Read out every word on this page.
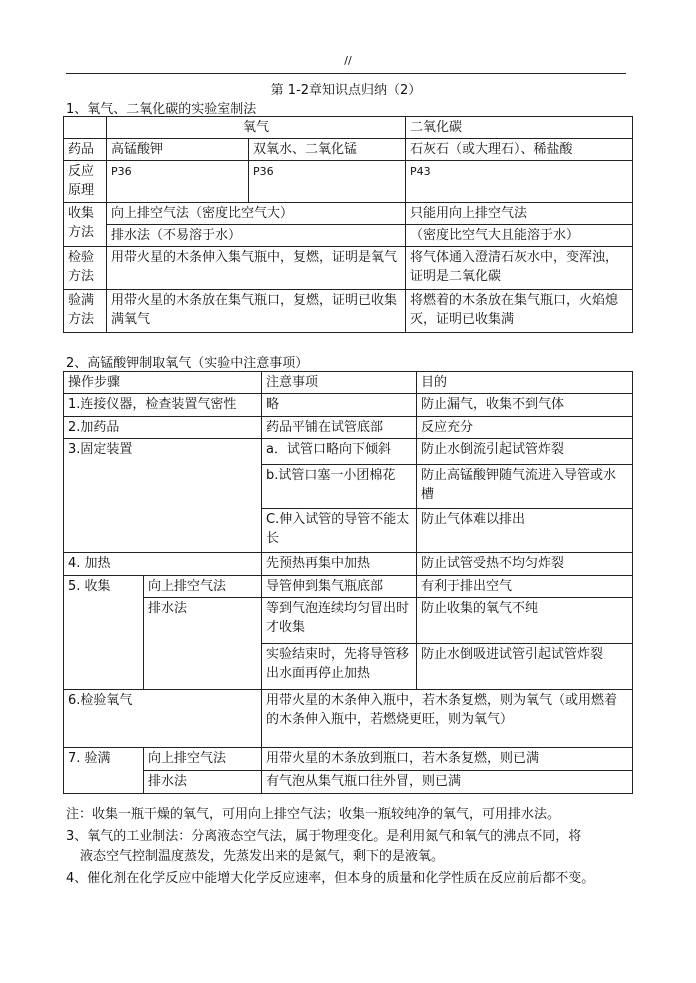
//
第 1-2章知识点归纳（2）
1、氧气、二氧化碳的实验室制法
	氧气		二氧化碳
药品	高锰酸钾	双氧水、二氧化锰	石灰石（或大理石）、稀盐酸
反应原理	P36	P36	P43
收集方法	向上排空气法（密度比空气大）		只能用向上排空气法
	排水法（不易溶于水）		（密度比空气大且能溶于水）
检验方法	用带火星的木条伸入集气瓶中，复燃，证明是氧气		将气体通入澄清石灰水中，变浑浊，证明是二氧化碳
验满方法	用带火星的木条放在集气瓶口，复燃，证明已收集满氧气		将燃着的木条放在集气瓶口，火焰熄灭，证明已收集满
2、高锰酸钾制取氧气（实验中注意事项）
操作步骤		注意事项	目的
1.连接仪器，检查装置气密性		略	防止漏气，收集不到气体
2.加药品		药品平铺在试管底部	反应充分
3.固定装置		a．试管口略向下倾斜	防止水倒流引起试管炸裂
		b.试管口塞一小团棉花	防止高锰酸钾随气流进入导管或水槽
		C.伸入试管的导管不能太长	防止气体难以排出
4. 加热		先预热再集中加热	防止试管受热不均匀炸裂
5. 收集	向上排空气法	导管伸到集气瓶底部	有利于排出空气
	排水法	等到气泡连续均匀冒出时才收集	防止收集的氧气不纯
		实验结束时，先将导管移出水面再停止加热	防止水倒吸进试管引起试管炸裂
6.检验氧气		用带火星的木条伸入瓶中，若木条复燃，则为氧气（或用燃着的木条伸入瓶中，若燃烧更旺，则为氧气）	
7. 验满	向上排空气法	用带火星的木条放到瓶口，若木条复燃，则已满	
	排水法	有气泡从集气瓶口往外冒，则已满	
注：收集一瓶干燥的氧气，可用向上排空气法；收集一瓶较纯净的氧气，可用排水法。
3、氧气的工业制法：分离液态空气法，属于物理变化。是利用氮气和氧气的沸点不同，将
液态空气控制温度蒸发，先蒸发出来的是氮气，剩下的是液氧。
4、催化剂在化学反应中能增大化学反应速率，但本身的质量和化学性质在反应前后都不变。
